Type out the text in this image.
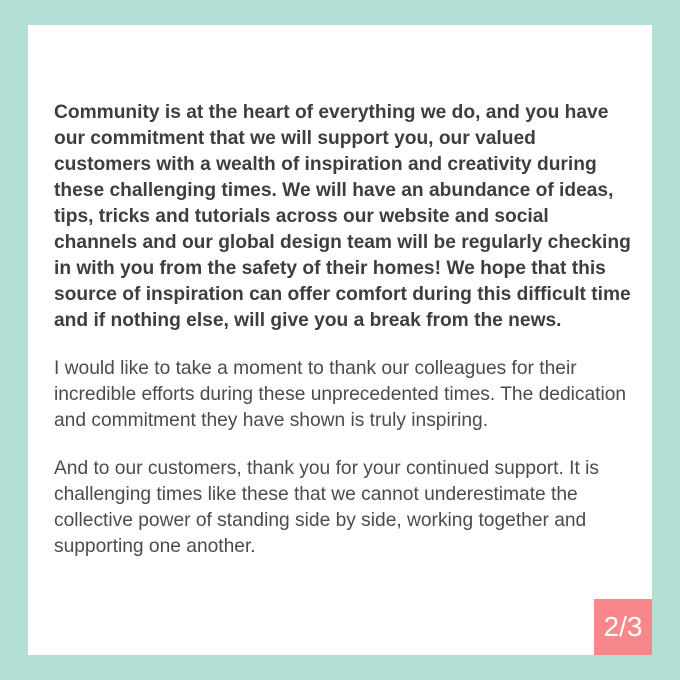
Community is at the heart of everything we do, and you have our commitment that we will support you, our valued customers with a wealth of inspiration and creativity during these challenging times. We will have an abundance of ideas, tips, tricks and tutorials across our website and social channels and our global design team will be regularly checking in with you from the safety of their homes! We hope that this source of inspiration can offer comfort during this difficult time and if nothing else, will give you a break from the news.

I would like to take a moment to thank our colleagues for their incredible efforts during these unprecedented times. The dedication and commitment they have shown is truly inspiring.

And to our customers, thank you for your continued support. It is challenging times like these that we cannot underestimate the collective power of standing side by side, working together and supporting one another.

2/3
